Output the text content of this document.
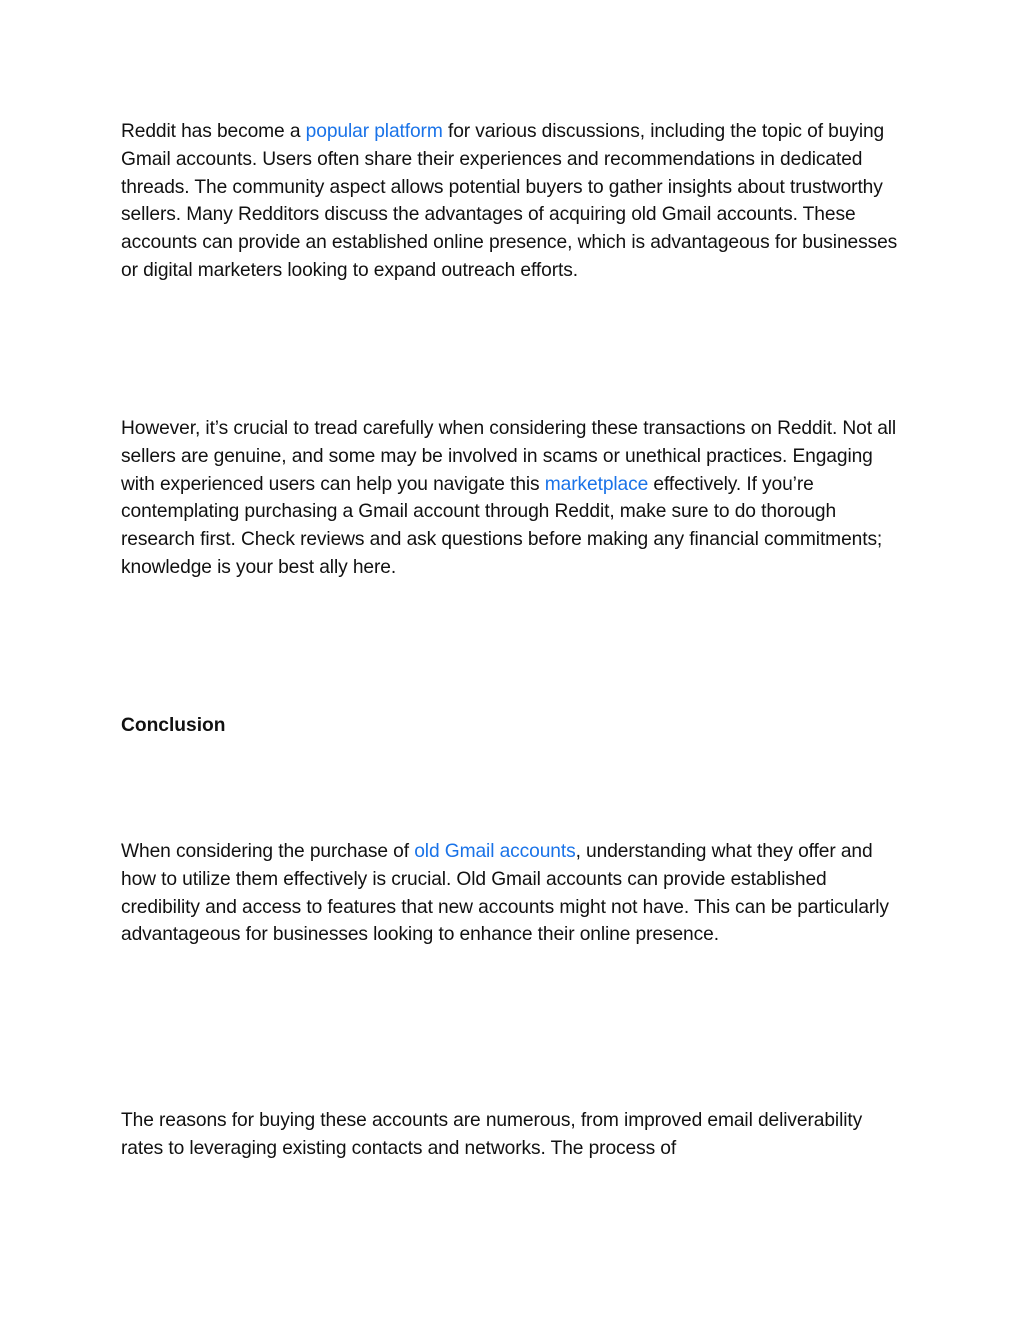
Reddit has become a popular platform for various discussions, including the topic of buying Gmail accounts. Users often share their experiences and recommendations in dedicated threads. The community aspect allows potential buyers to gather insights about trustworthy sellers. Many Redditors discuss the advantages of acquiring old Gmail accounts. These accounts can provide an established online presence, which is advantageous for businesses or digital marketers looking to expand outreach efforts.

However, it’s crucial to tread carefully when considering these transactions on Reddit. Not all sellers are genuine, and some may be involved in scams or unethical practices. Engaging with experienced users can help you navigate this marketplace effectively. If you’re contemplating purchasing a Gmail account through Reddit, make sure to do thorough research first. Check reviews and ask questions before making any financial commitments; knowledge is your best ally here.

Conclusion

When considering the purchase of old Gmail accounts, understanding what they offer and how to utilize them effectively is crucial. Old Gmail accounts can provide established credibility and access to features that new accounts might not have. This can be particularly advantageous for businesses looking to enhance their online presence.

The reasons for buying these accounts are numerous, from improved email deliverability rates to leveraging existing contacts and networks. The process of
